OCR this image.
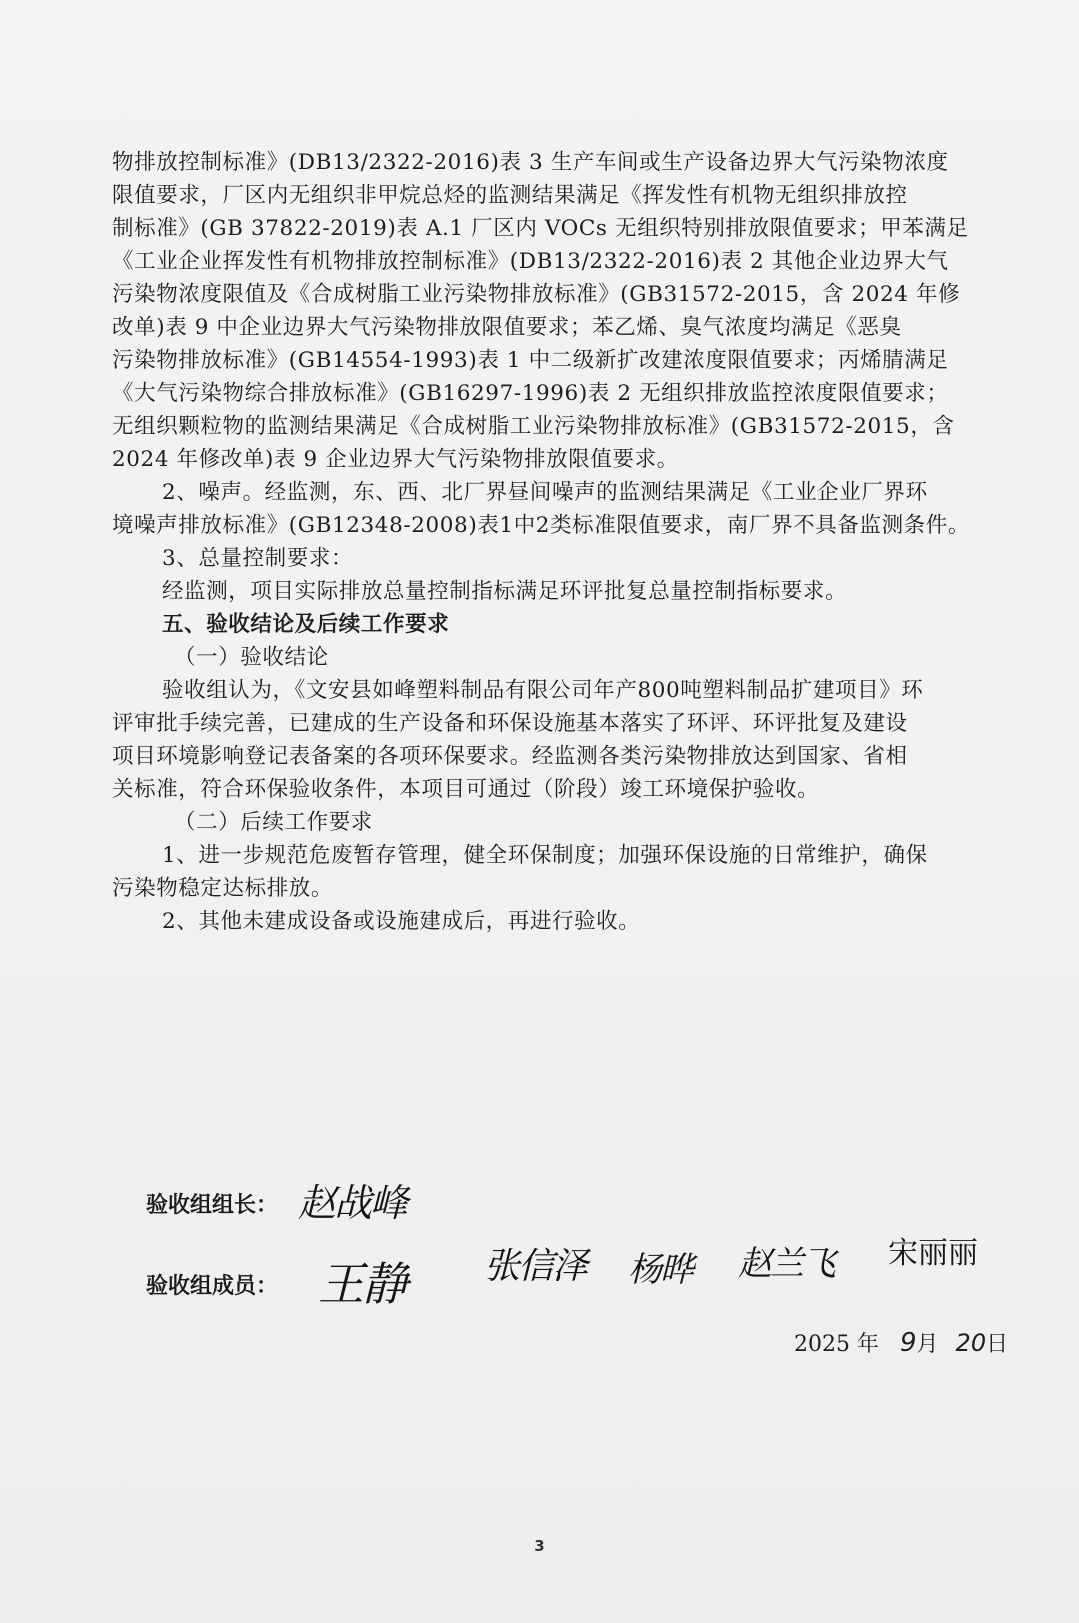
物排放控制标准》(DB13/2322-2016)表 3 生产车间或生产设备边界大气污染物浓度
限值要求，厂区内无组织非甲烷总烃的监测结果满足《挥发性有机物无组织排放控
制标准》(GB 37822-2019)表 A.1 厂区内 VOCs 无组织特别排放限值要求；甲苯满足
《工业企业挥发性有机物排放控制标准》(DB13/2322-2016)表 2 其他企业边界大气
污染物浓度限值及《合成树脂工业污染物排放标准》(GB31572-2015，含 2024 年修
改单)表 9 中企业边界大气污染物排放限值要求；苯乙烯、臭气浓度均满足《恶臭
污染物排放标准》(GB14554-1993)表 1 中二级新扩改建浓度限值要求；丙烯腈满足
《大气污染物综合排放标准》(GB16297-1996)表 2 无组织排放监控浓度限值要求；
无组织颗粒物的监测结果满足《合成树脂工业污染物排放标准》(GB31572-2015，含
2024 年修改单)表 9 企业边界大气污染物排放限值要求。
2、噪声。经监测，东、西、北厂界昼间噪声的监测结果满足《工业企业厂界环
境噪声排放标准》(GB12348-2008)表1中2类标准限值要求，南厂界不具备监测条件。
3、总量控制要求：
经监测，项目实际排放总量控制指标满足环评批复总量控制指标要求。
五、验收结论及后续工作要求
（一）验收结论
验收组认为，《文安县如峰塑料制品有限公司年产800吨塑料制品扩建项目》环
评审批手续完善，已建成的生产设备和环保设施基本落实了环评、环评批复及建设
项目环境影响登记表备案的各项环保要求。经监测各类污染物排放达到国家、省相
关标准，符合环保验收条件，本项目可通过（阶段）竣工环境保护验收。
（二）后续工作要求
1、进一步规范危废暂存管理，健全环保制度；加强环保设施的日常维护，确保
污染物稳定达标排放。
2、其他未建成设备或设施建成后，再进行验收。
验收组组长： 赵战峰
验收组成员： 王静 张信泽 杨晔 赵兰飞 宋丽丽
2025 年 9月 20日
3
